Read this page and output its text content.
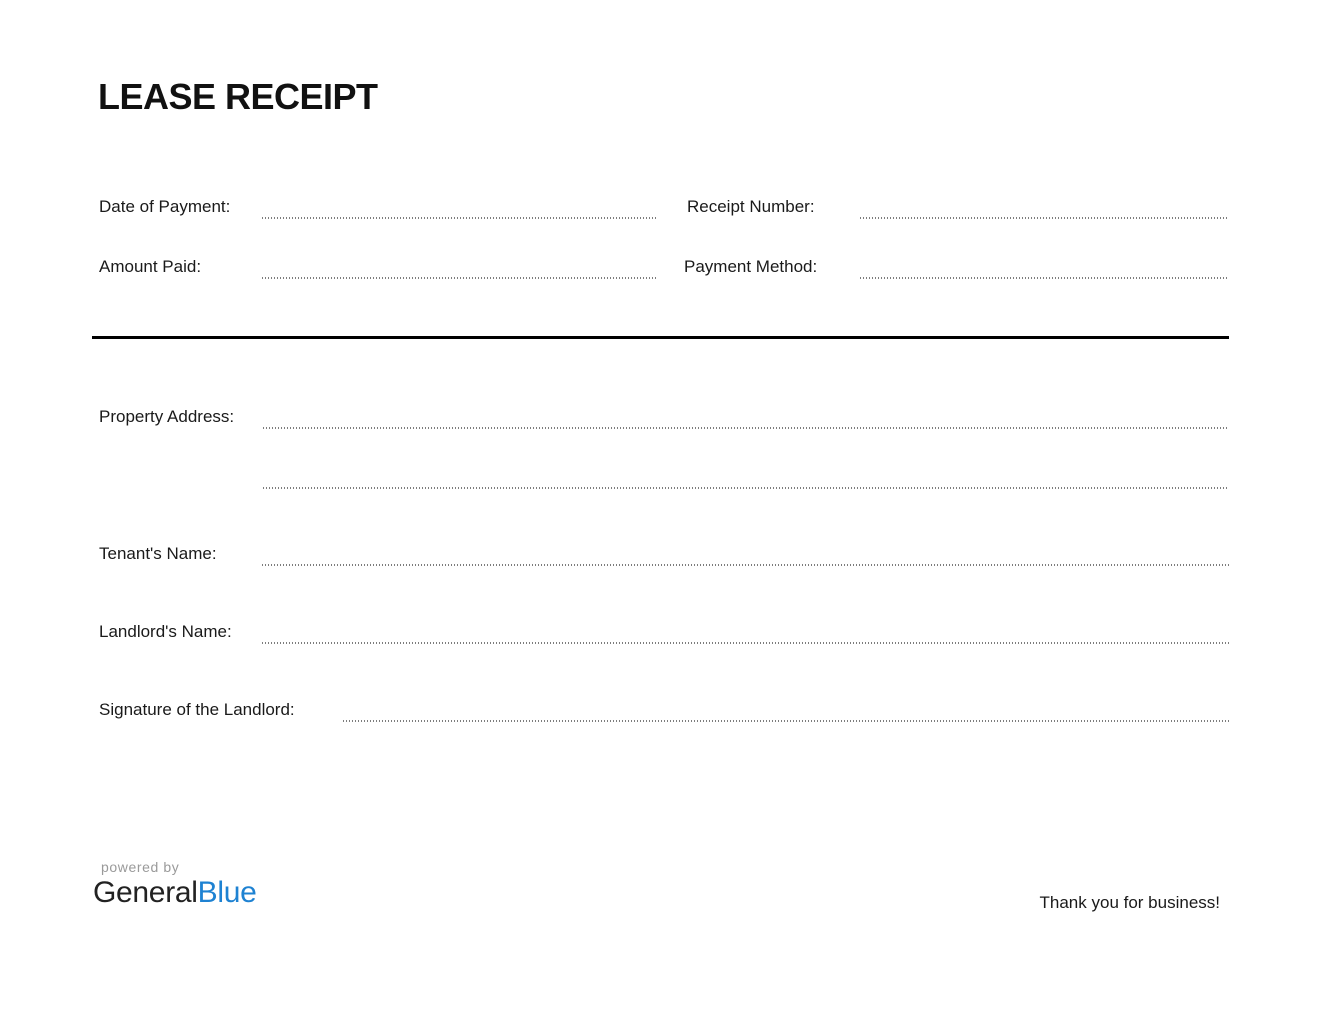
LEASE RECEIPT
Date of Payment:	Receipt Number:
Amount Paid:	Payment Method:
Property Address:
Tenant's Name:
Landlord's Name:
Signature of the Landlord:
powered by
GeneralBlue	Thank you for business!
